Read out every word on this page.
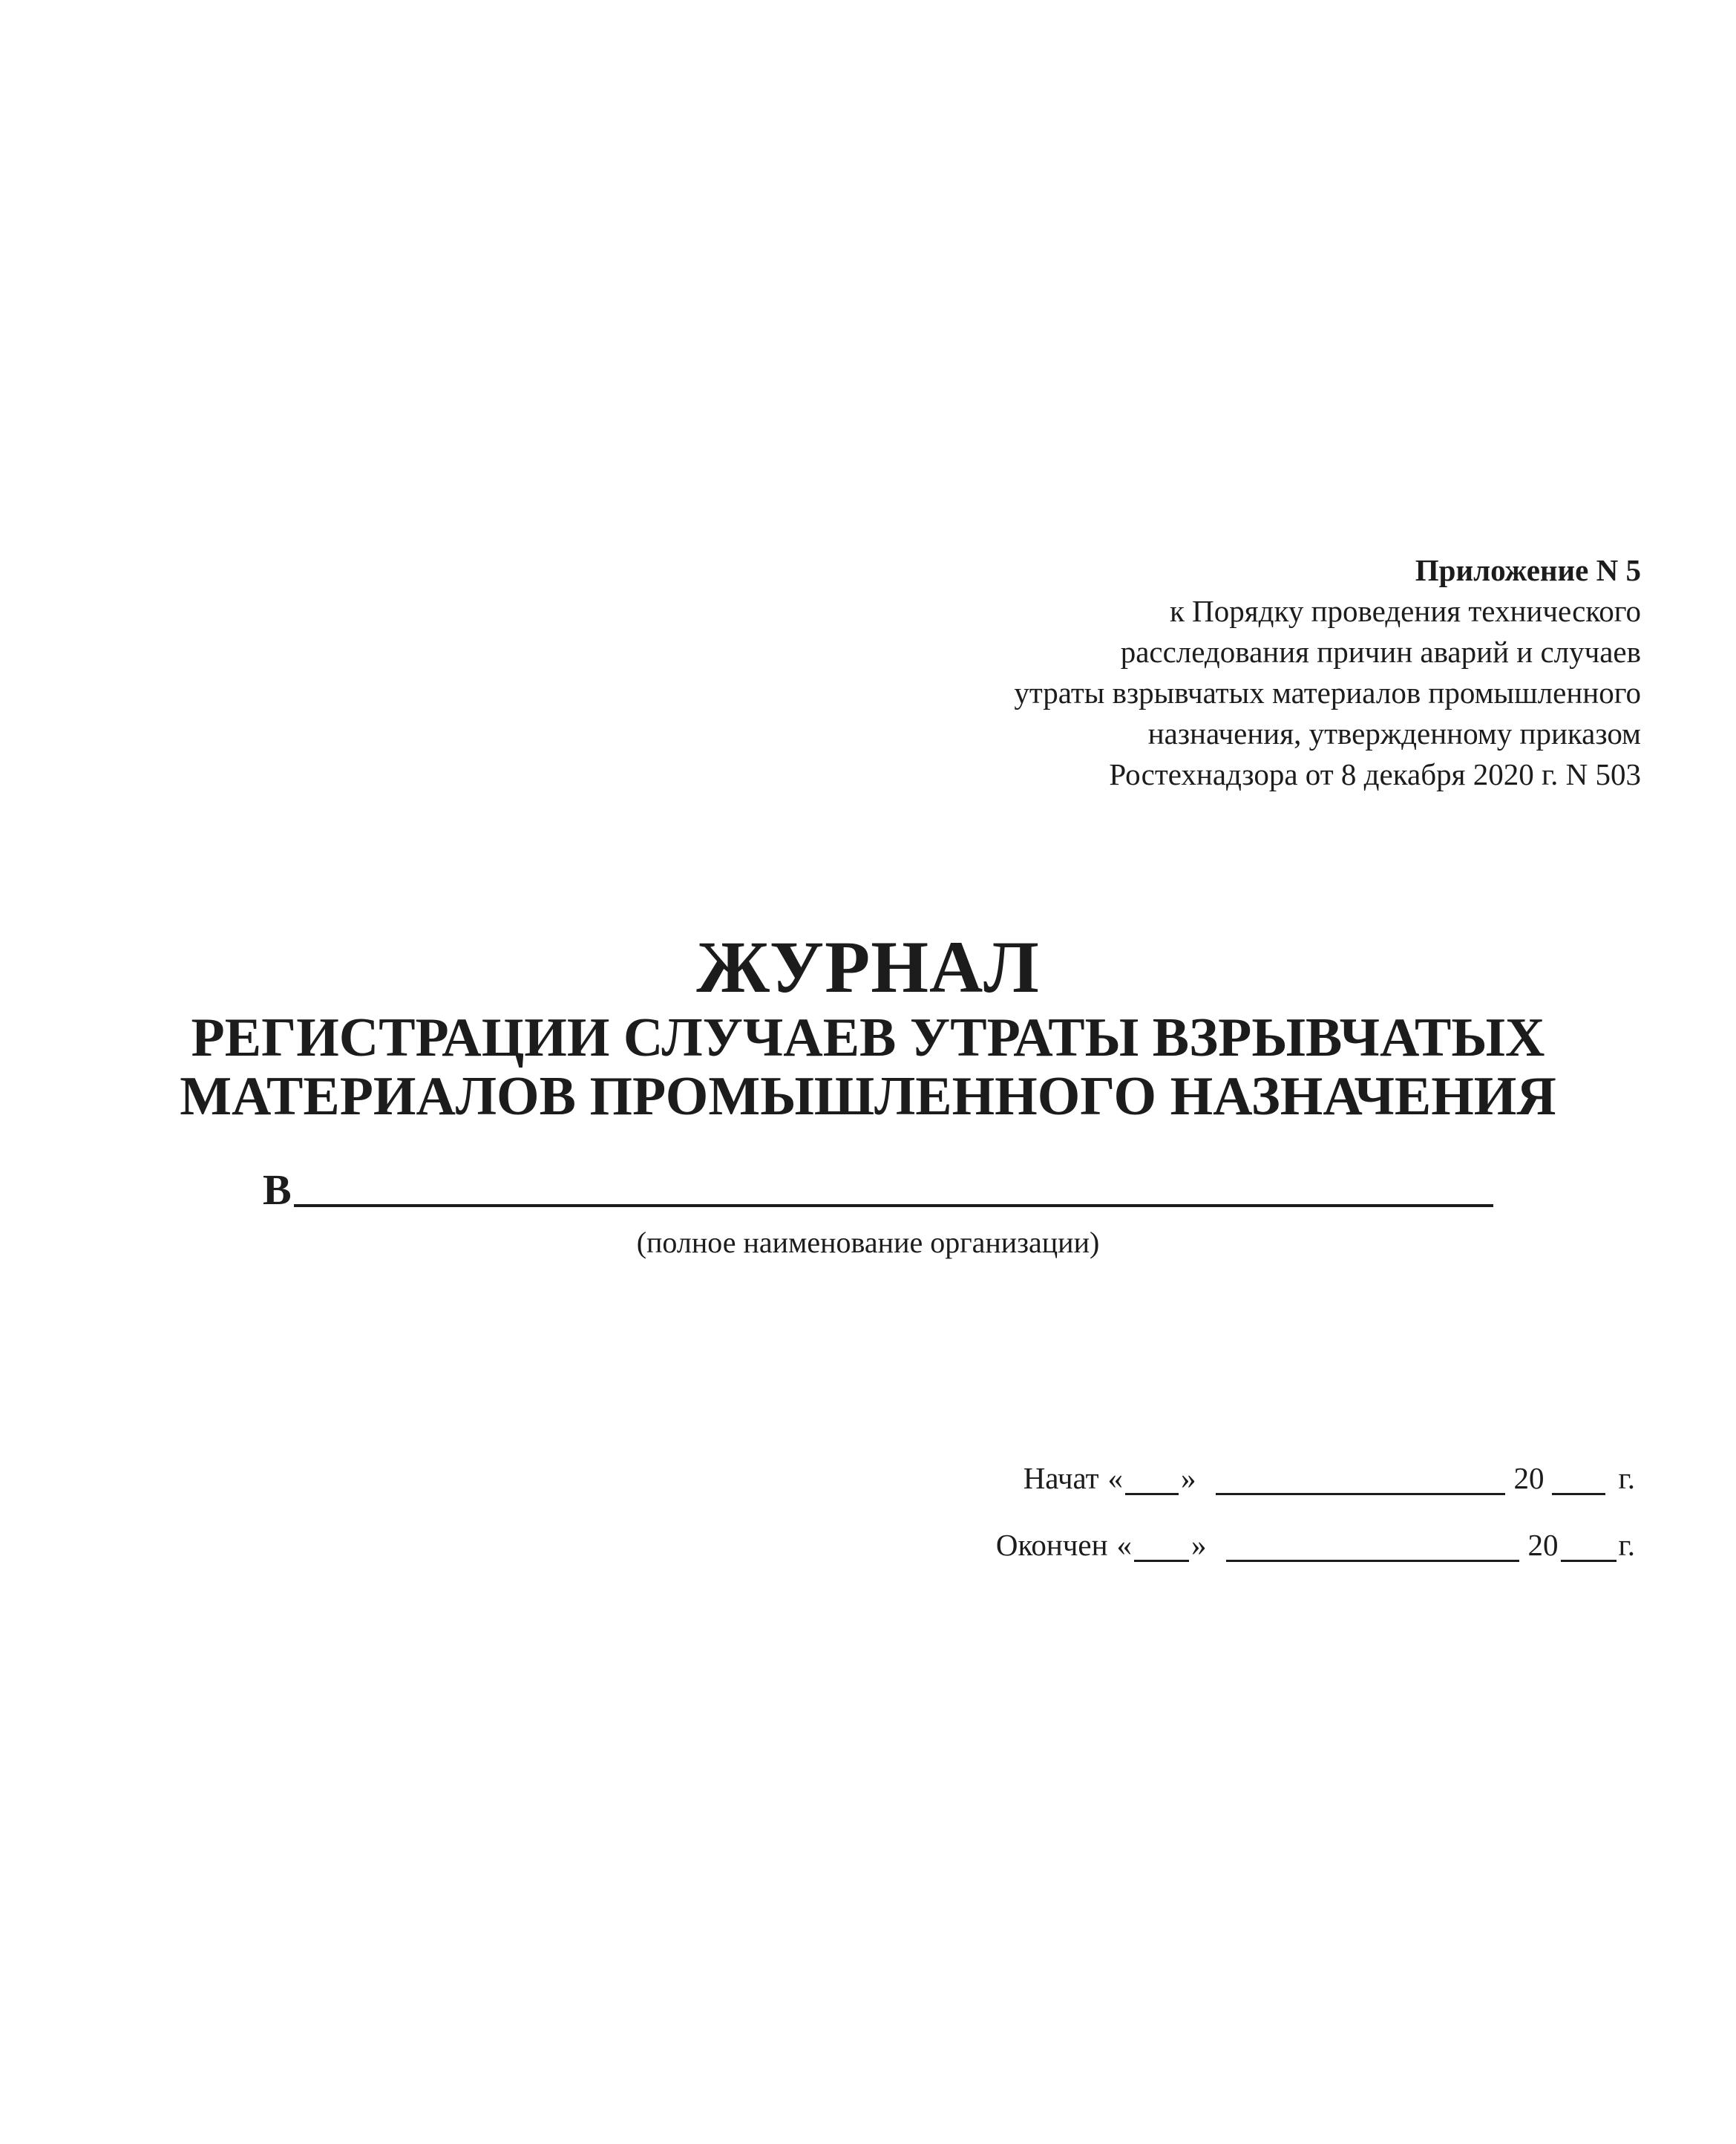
Приложение N 5
к Порядку проведения технического
расследования причин аварий и случаев
утраты взрывчатых материалов промышленного
назначения, утвержденному приказом
Ростехнадзора от 8 декабря 2020 г. N 503
ЖУРНАЛ
РЕГИСТРАЦИИ СЛУЧАЕВ УТРАТЫ ВЗРЫВЧАТЫХ
МАТЕРИАЛОВ ПРОМЫШЛЕННОГО НАЗНАЧЕНИЯ
В
(полное наименование организации)
Начат « »	20 г.
Окончен « »	20 г.
